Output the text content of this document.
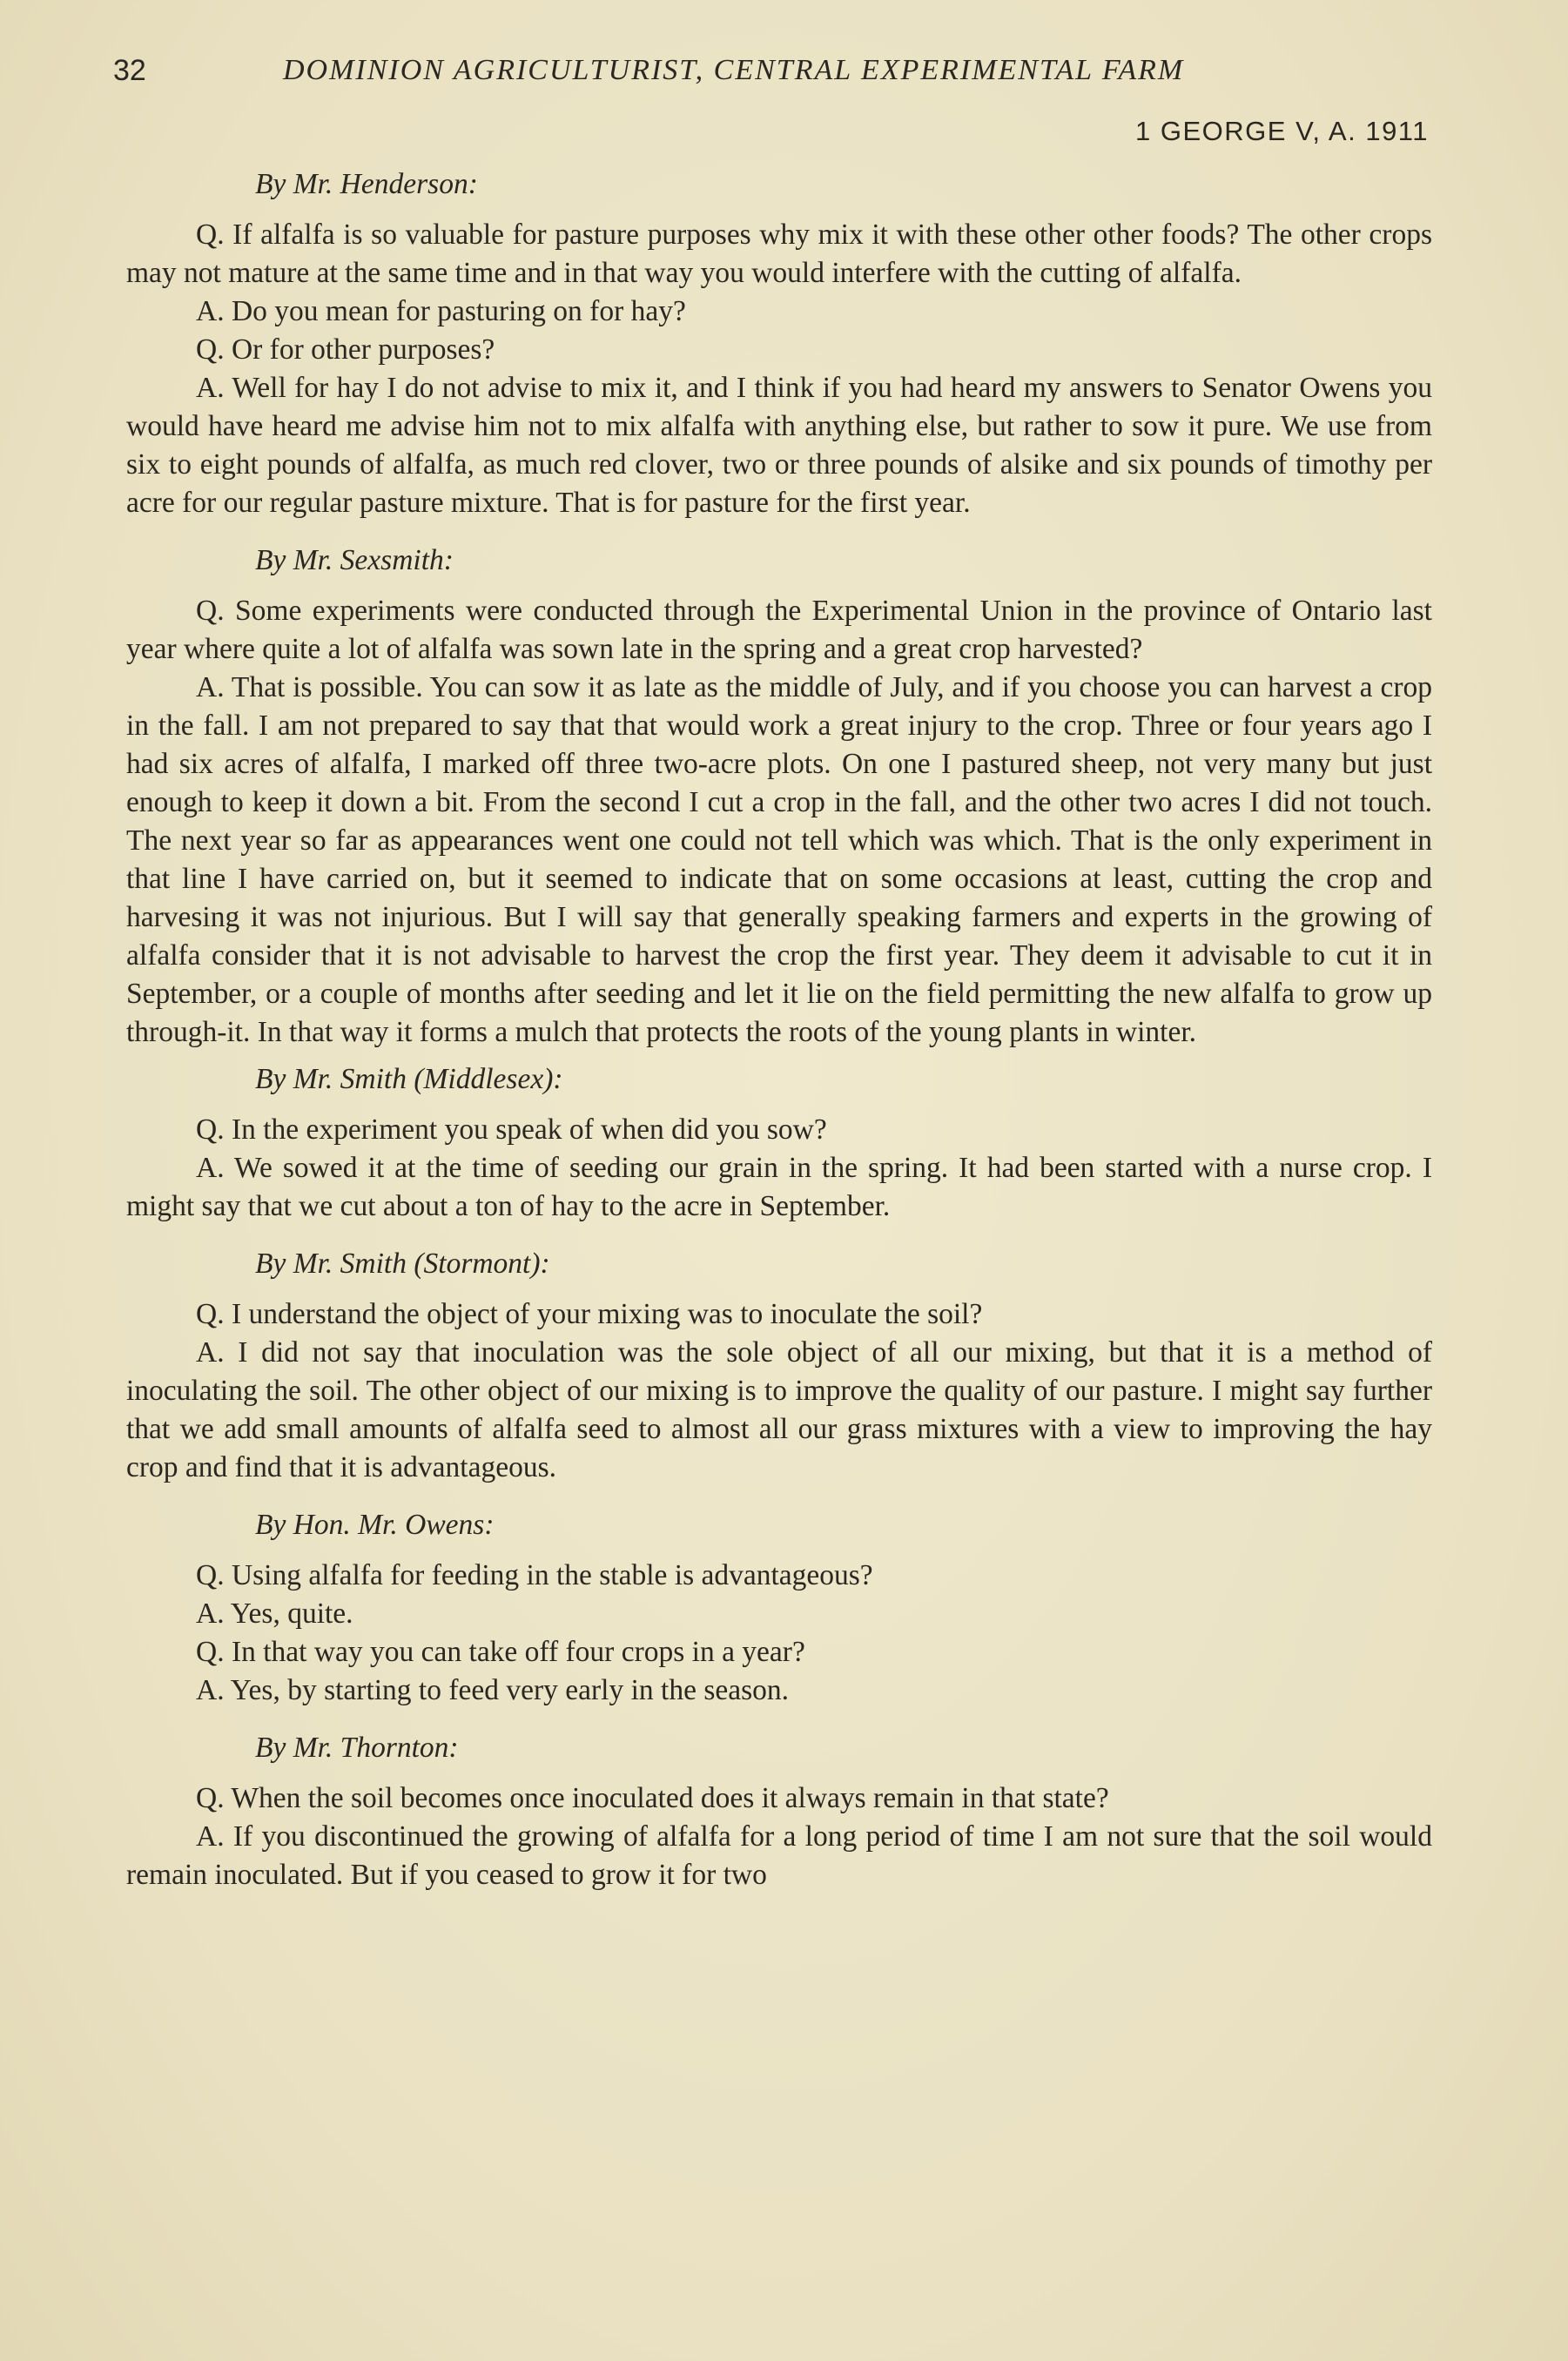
32	DOMINION AGRICULTURIST, CENTRAL EXPERIMENTAL FARM
1 GEORGE V, A. 1911
By Mr. Henderson:

Q. If alfalfa is so valuable for pasture purposes why mix it with these other other foods? The other crops may not mature at the same time and in that way you would interfere with the cutting of alfalfa.

A. Do you mean for pasturing on for hay?

Q. Or for other purposes?

A. Well for hay I do not advise to mix it, and I think if you had heard my answers to Senator Owens you would have heard me advise him not to mix alfalfa with anything else, but rather to sow it pure. We use from six to eight pounds of alfalfa, as much red clover, two or three pounds of alsike and six pounds of timothy per acre for our regular pasture mixture. That is for pasture for the first year.

By Mr. Sexsmith:

Q. Some experiments were conducted through the Experimental Union in the province of Ontario last year where quite a lot of alfalfa was sown late in the spring and a great crop harvested?

A. That is possible. You can sow it as late as the middle of July, and if you choose you can harvest a crop in the fall. I am not prepared to say that that would work a great injury to the crop. Three or four years ago I had six acres of alfalfa, I marked off three two-acre plots. On one I pastured sheep, not very many but just enough to keep it down a bit. From the second I cut a crop in the fall, and the other two acres I did not touch. The next year so far as appearances went one could not tell which was which. That is the only experiment in that line I have carried on, but it seemed to indicate that on some occasions at least, cutting the crop and harvesing it was not injurious. But I will say that generally speaking farmers and experts in the growing of alfalfa consider that it is not advisable to harvest the crop the first year. They deem it advisable to cut it in September, or a couple of months after seeding and let it lie on the field permitting the new alfalfa to grow up through-it. In that way it forms a mulch that protects the roots of the young plants in winter.

By Mr. Smith (Middlesex):

Q. In the experiment you speak of when did you sow?

A. We sowed it at the time of seeding our grain in the spring. It had been started with a nurse crop. I might say that we cut about a ton of hay to the acre in September.

By Mr. Smith (Stormont):

Q. I understand the object of your mixing was to inoculate the soil?

A. I did not say that inoculation was the sole object of all our mixing, but that it is a method of inoculating the soil. The other object of our mixing is to improve the quality of our pasture. I might say further that we add small amounts of alfalfa seed to almost all our grass mixtures with a view to improving the hay crop and find that it is advantageous.

By Hon. Mr. Owens:

Q. Using alfalfa for feeding in the stable is advantageous?

A. Yes, quite.

Q. In that way you can take off four crops in a year?

A. Yes, by starting to feed very early in the season.

By Mr. Thornton:

Q. When the soil becomes once inoculated does it always remain in that state?

A. If you discontinued the growing of alfalfa for a long period of time I am not sure that the soil would remain inoculated. But if you ceased to grow it for two
